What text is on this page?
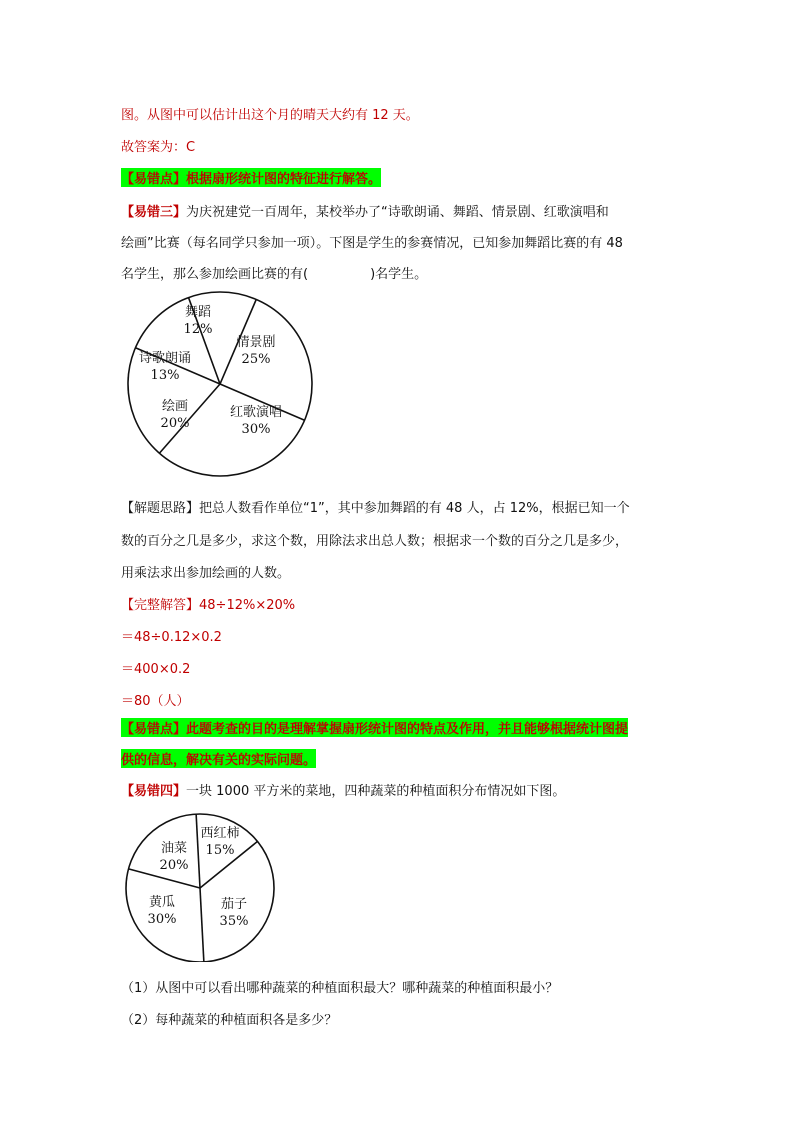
图。从图中可以估计出这个月的晴天大约有 12 天。
故答案为：C
【易错点】根据扇形统计图的特征进行解答。
【易错三】为庆祝建党一百周年，某校举办了“诗歌朗诵、舞蹈、情景剧、红歌演唱和
绘画”比赛（每名同学只参加一项）。下图是学生的参赛情况，已知参加舞蹈比赛的有 48
名学生，那么参加绘画比赛的有(	)名学生。
舞蹈
12%
情景剧
25%
红歌演唱
30%
绘画
20%
诗歌朗诵
13%
【解题思路】把总人数看作单位“1”，其中参加舞蹈的有 48 人，占 12%，根据已知一个
数的百分之几是多少，求这个数，用除法求出总人数；根据求一个数的百分之几是多少，
用乘法求出参加绘画的人数。
【完整解答】48÷12%×20%
＝48÷0.12×0.2
＝400×0.2
＝80（人）
【易错点】此题考查的目的是理解掌握扇形统计图的特点及作用，并且能够根据统计图提
供的信息，解决有关的实际问题。
【易错四】一块 1000 平方米的菜地，四种蔬菜的种植面积分布情况如下图。
西红柿
15%
茄子
35%
黄瓜
30%
油菜
20%
（1）从图中可以看出哪种蔬菜的种植面积最大？哪种蔬菜的种植面积最小？
（2）每种蔬菜的种植面积各是多少？
